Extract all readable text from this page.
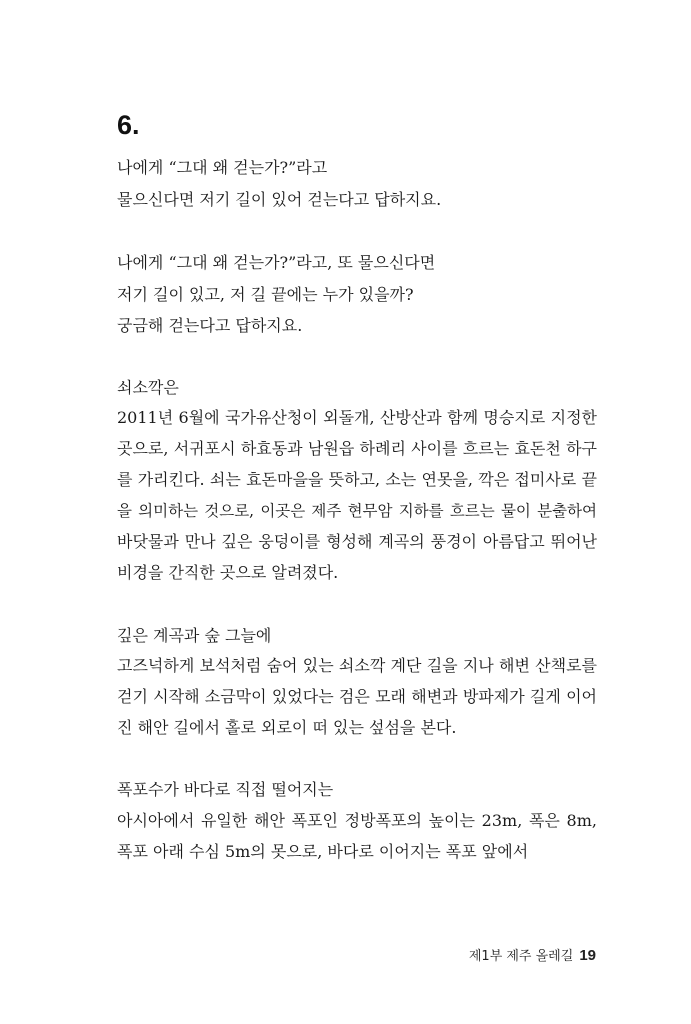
6.

나에게 “그대 왜 걷는가?”라고

물으신다면 저기 길이 있어 걷는다고 답하지요.

나에게 “그대 왜 걷는가?”라고, 또 물으신다면

저기 길이 있고, 저 길 끝에는 누가 있을까?

궁금해 걷는다고 답하지요.

쇠소깍은

2011년 6월에 국가유산청이 외돌개, 산방산과 함께 명승지로 지정한

곳으로, 서귀포시 하효동과 남원읍 하례리 사이를 흐르는 효돈천 하구

를 가리킨다. 쇠는 효돈마을을 뜻하고, 소는 연못을, 깍은 접미사로 끝

을 의미하는 것으로, 이곳은 제주 현무암 지하를 흐르는 물이 분출하여

바닷물과 만나 깊은 웅덩이를 형성해 계곡의 풍경이 아름답고 뛰어난

비경을 간직한 곳으로 알려졌다.

깊은 계곡과 숲 그늘에

고즈넉하게 보석처럼 숨어 있는 쇠소깍 계단 길을 지나 해변 산책로를

걷기 시작해 소금막이 있었다는 검은 모래 해변과 방파제가 길게 이어

진 해안 길에서 홀로 외로이 떠 있는 섶섬을 본다.

폭포수가 바다로 직접 떨어지는

아시아에서 유일한 해안 폭포인 정방폭포의 높이는 23m, 폭은 8m,

폭포 아래 수심 5m의 못으로, 바다로 이어지는 폭포 앞에서

제1부 제주 올레길 19
